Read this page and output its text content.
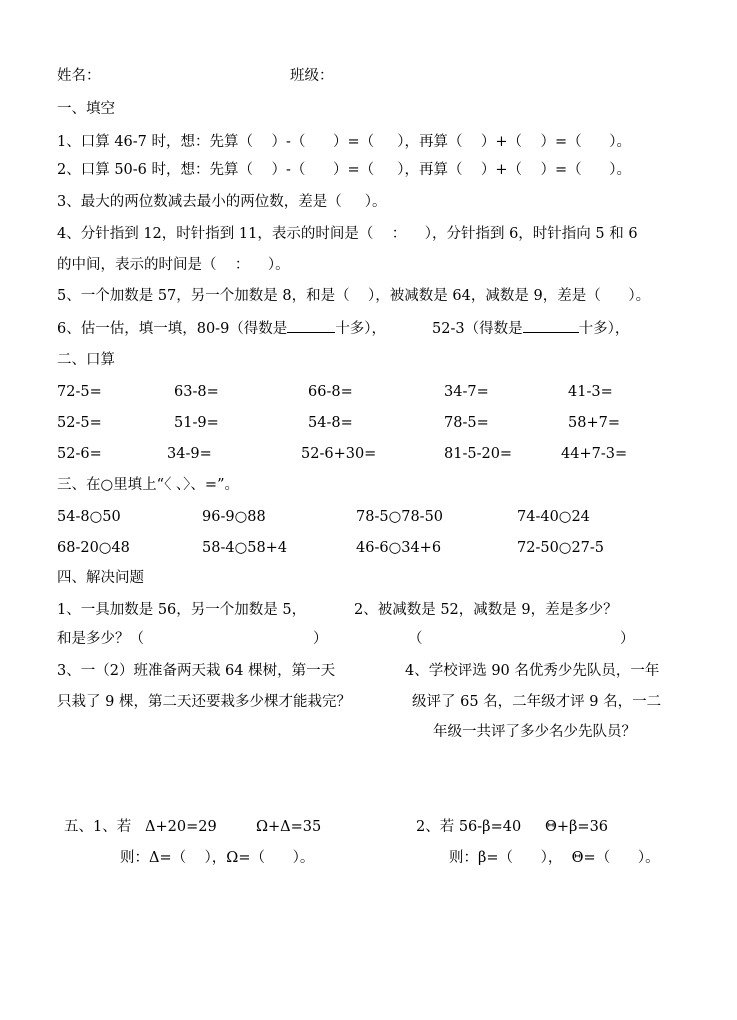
姓名：	班级：
一、填空
1、口算 46-7 时，想：先算（    ）-（      ）=（     ），再算（    ）+（    ）=（      ）。
2、口算 50-6 时，想：先算（    ）-（      ）=（     ），再算（    ）+（    ）=（      ）。
3、最大的两位数减去最小的两位数，差是（     ）。
4、分针指到 12，时针指到 11，表示的时间是（    ：    ），分针指到 6，时针指向 5 和 6
的中间，表示的时间是（    ：    ）。
5、一个加数是 57，另一个加数是 8，和是（    ），被减数是 64，减数是 9，差是（      ）。
6、估一估，填一填，80-9（得数是	十多），	52-3（得数是	十多），
二、口算
72-5=	63-8=	66-8=	34-7=	41-3=
52-5=	51-9=	54-8=	78-5=	58+7=
52-6=	34-9=	52-6+30=	81-5-20=	44+7-3=
三、在○里填上“〈 、〉、=”。
54-8○50	96-9○88	78-5○78-50	74-40○24
68-20○48	58-4○58+4	46-6○34+6	72-50○27-5
四、解决问题
1、一具加数是 56，另一个加数是 5，
和是多少？（	）
2、被减数是 52，减数是 9，差是多少？
（	）
3、一（2）班准备两天栽 64 棵树，第一天
只栽了 9 棵，第二天还要栽多少棵才能栽完？
4、学校评选 90 名优秀少先队员，一年
级评了 65 名，二年级才评 9 名，一二
年级一共评了多少名少先队员？
五、1、若 Δ+20=29	Ω+Δ=35	2、若 56-β=40 Θ+β=36
则：Δ=（    ），Ω=（      ）。	则：β=（      ），  Θ=（      ）。
